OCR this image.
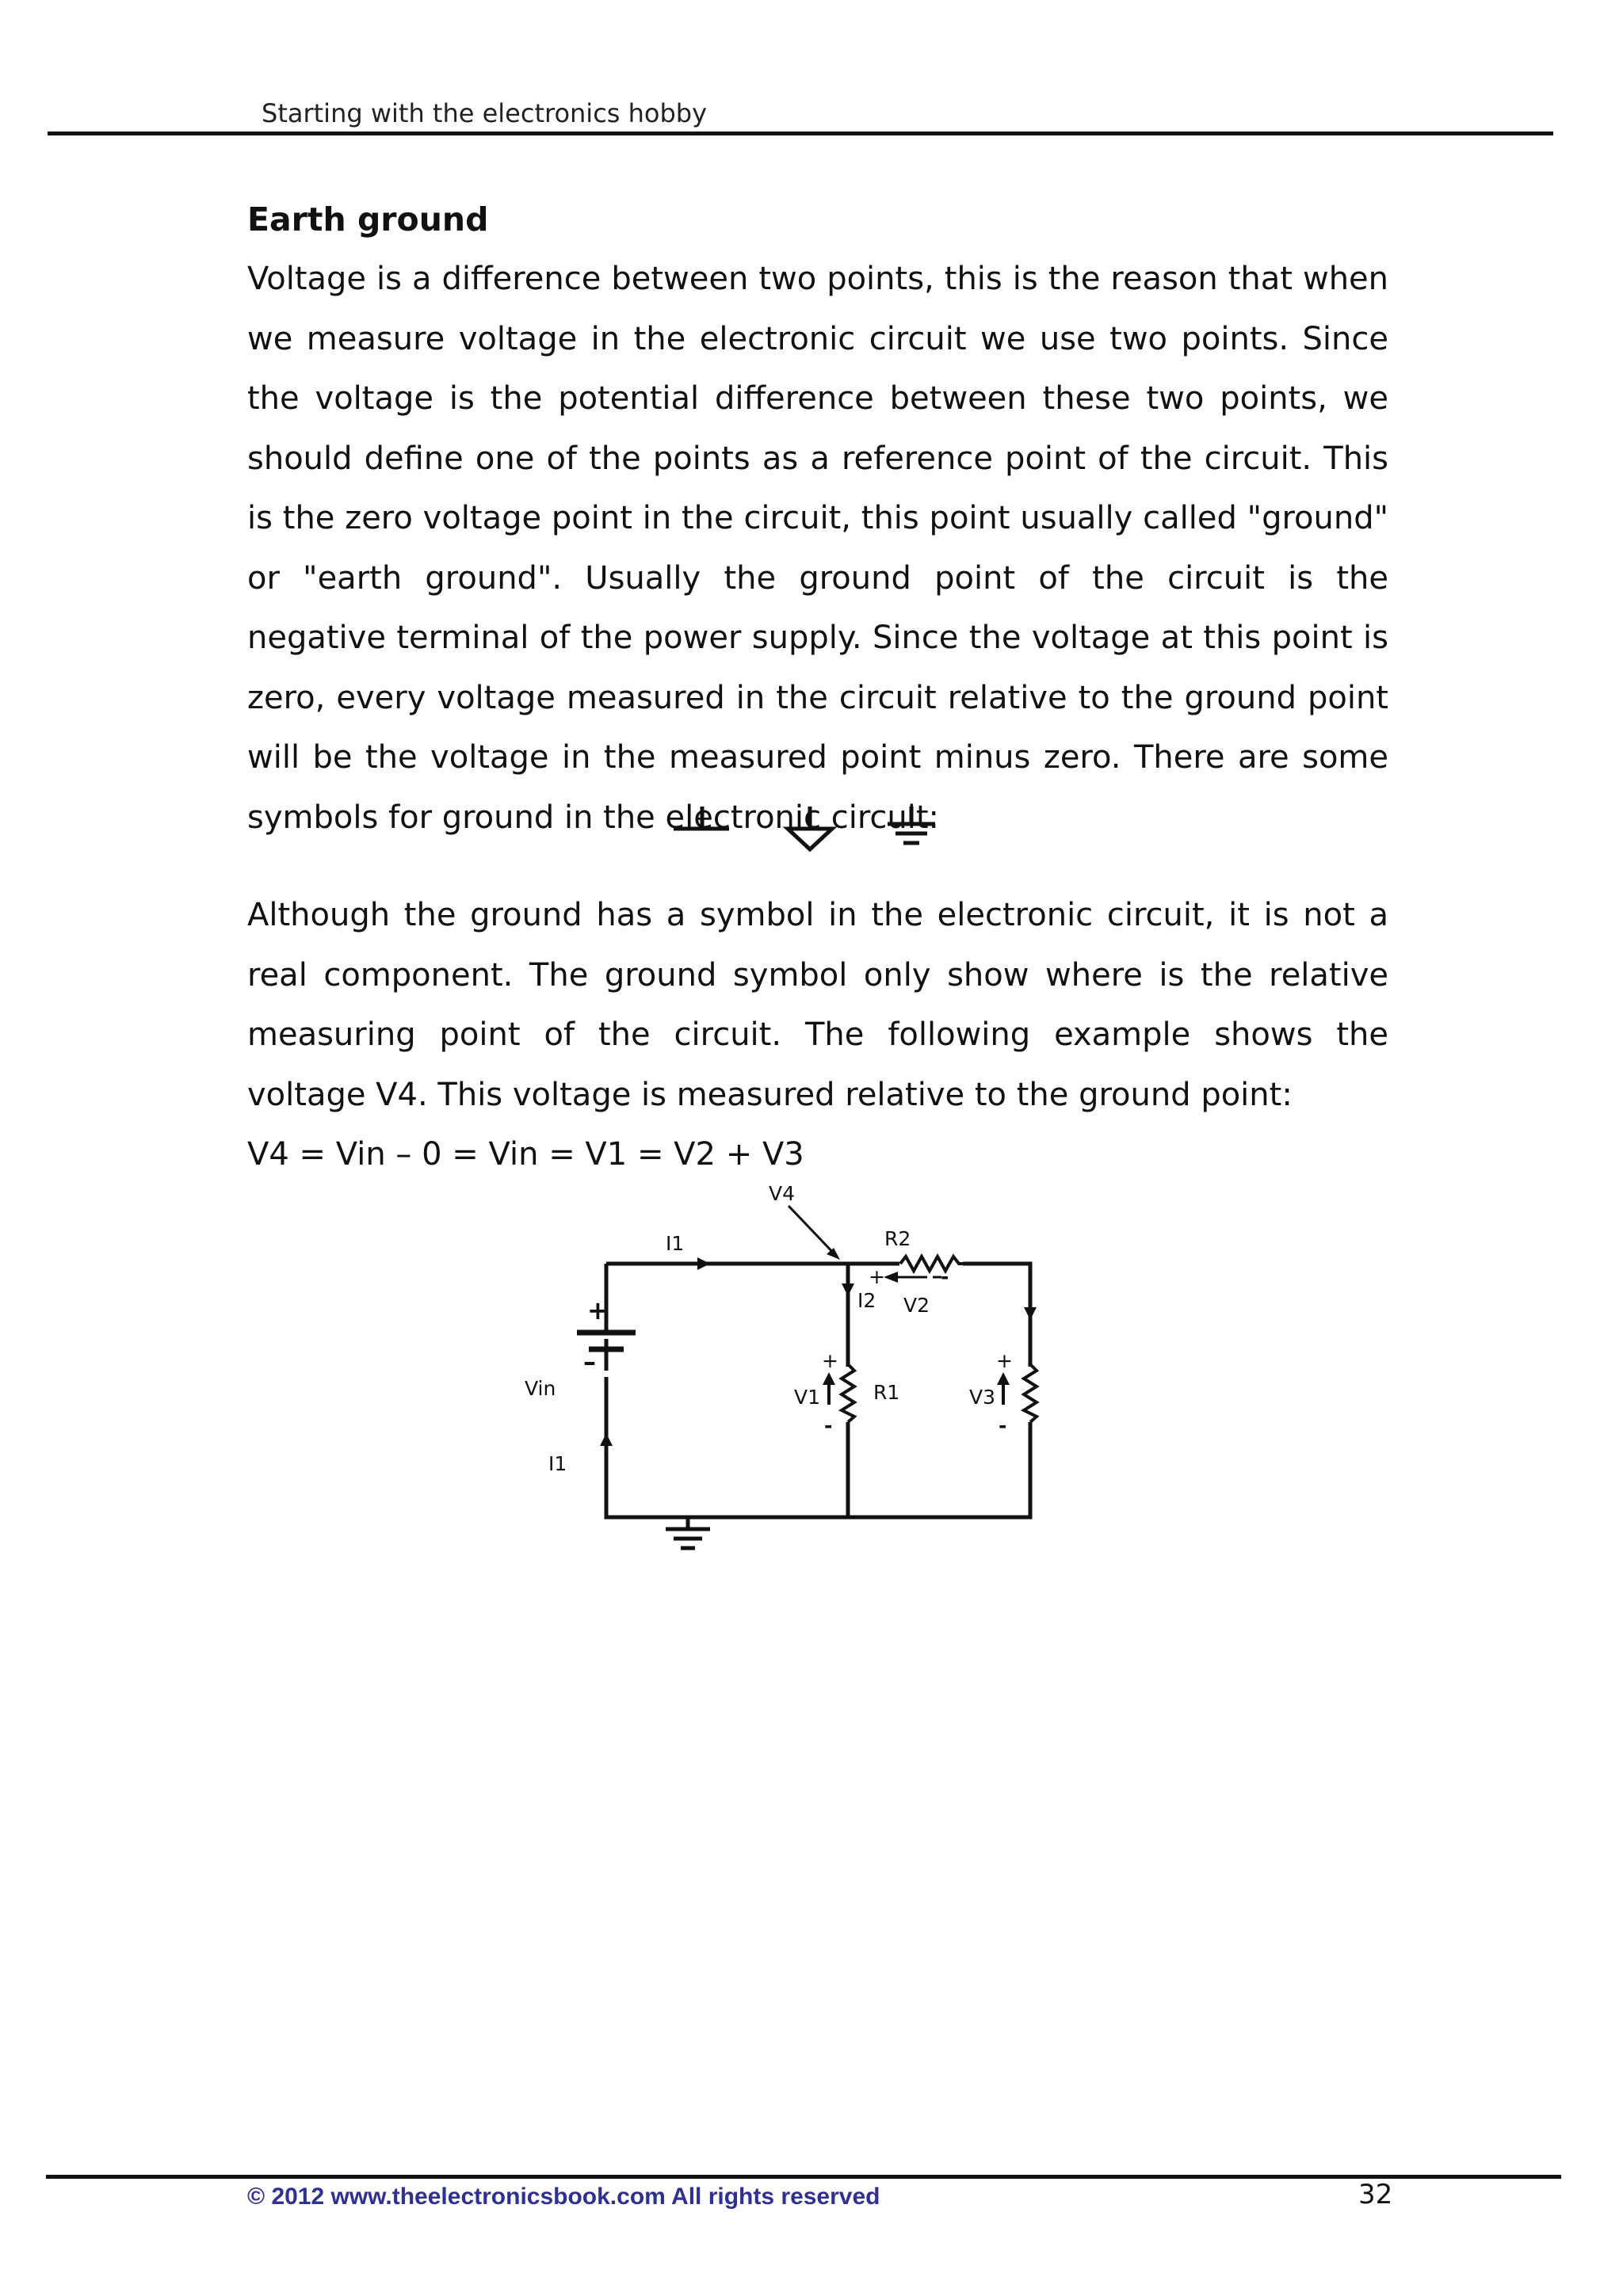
Starting with the electronics hobby
Earth ground

Voltage is a difference between two points, this is the reason that when we measure voltage in the electronic circuit we use two points. Since the voltage is the potential difference between these two points, we should define one of the points as a reference point of the circuit. This is the zero voltage point in the circuit, this point usually called "ground" or "earth ground". Usually the ground point of the circuit is the negative terminal of the power supply. Since the voltage at this point is zero, every voltage measured in the circuit relative to the ground point will be the voltage in the measured point minus zero. There are some symbols for ground in the electronic circuit:

Although the ground has a symbol in the electronic circuit, it is not a real component. The ground symbol only show where is the relative measuring point of the circuit. The following example shows the voltage V4. This voltage is measured relative to the ground point:

V4 = Vin – 0 = Vin = V1 = V2 + V3

+
–
V4
I1	R2
+	-
I2 V2
+
V1	R1
-
+
V3
-
Vin
I1
© 2012 www.theelectronicsbook.com All rights reserved	32
